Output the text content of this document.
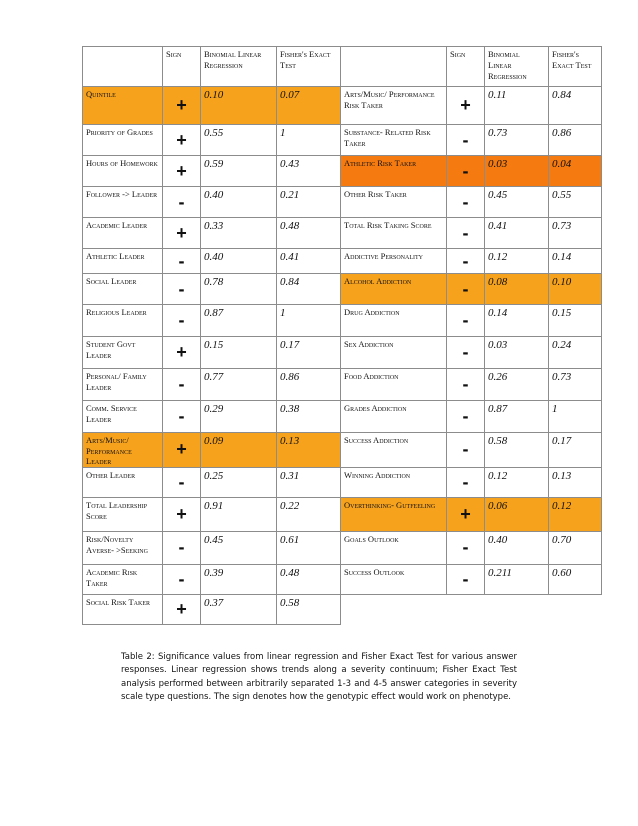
	Sign	Binomial Linear Regression	Fisher's Exact Test		Sign	Binomial Linear Regression	Fisher's Exact Test
Quintile	+	0.10	0.07	Arts/Music/ Performance Risk Taker	+	0.11	0.84
Priority of Grades	+	0.55	1	Substance- Related Risk Taker	-	0.73	0.86
Hours of Homework	+	0.59	0.43	Athletic Risk Taker	-	0.03	0.04
Follower -> Leader	-	0.40	0.21	Other Risk Taker	-	0.45	0.55
Academic Leader	+	0.33	0.48	Total Risk Taking Score	-	0.41	0.73
Athletic Leader	-	0.40	0.41	Addictive Personality	-	0.12	0.14
Social Leader	-	0.78	0.84	Alcohol Addiction	-	0.08	0.10
Religious Leader	-	0.87	1	Drug Addiction	-	0.14	0.15
Student Govt Leader	+	0.15	0.17	Sex Addiction	-	0.03	0.24
Personal/ Family Leader	-	0.77	0.86	Food Addiction	-	0.26	0.73
Comm. Service Leader	-	0.29	0.38	Grades Addiction	-	0.87	1
Arts/Music/ Performance Leader	+	0.09	0.13	Success Addiction	-	0.58	0.17
Other Leader	-	0.25	0.31	Winning Addiction	-	0.12	0.13
Total Leadership Score	+	0.91	0.22	Overthinking- Gutfeeling	+	0.06	0.12
Risk/Novelty Averse- >Seeking	-	0.45	0.61	Goals Outlook	-	0.40	0.70
Academic Risk Taker	-	0.39	0.48	Success Outlook	-	0.211	0.60
Social Risk Taker	+	0.37	0.58				
Table 2: Significance values from linear regression and Fisher Exact Test for various answer responses. Linear regression shows trends along a severity continuum; Fisher Exact Test analysis performed between arbitrarily separated 1-3 and 4-5 answer categories in severity scale type questions. The sign denotes how the genotypic effect would work on phenotype.
